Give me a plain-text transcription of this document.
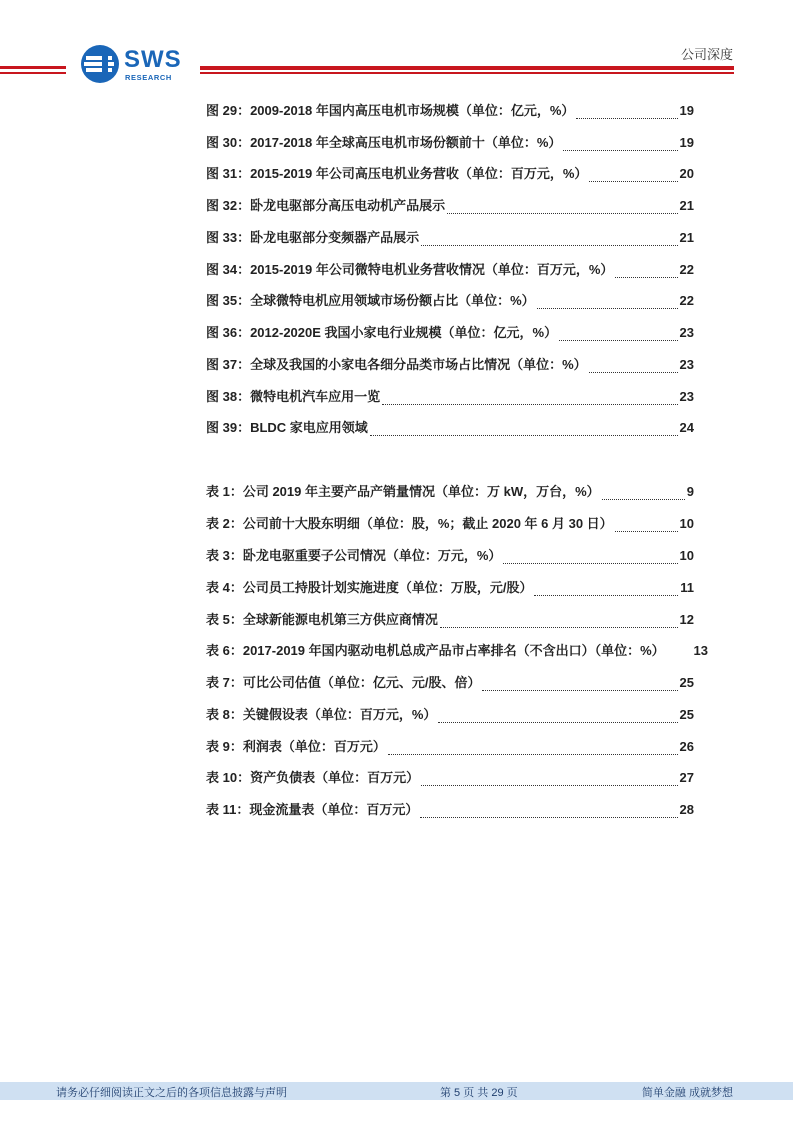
SWS
RESEARCH
公司深度
图 29：2009-2018 年国内高压电机市场规模（单位：亿元，%）	19
图 30：2017-2018 年全球高压电机市场份额前十（单位：%）	19
图 31：2015-2019 年公司高压电机业务营收（单位：百万元，%）	20
图 32：卧龙电驱部分高压电动机产品展示	21
图 33：卧龙电驱部分变频器产品展示	21
图 34：2015-2019 年公司微特电机业务营收情况（单位：百万元，%）	22
图 35：全球微特电机应用领域市场份额占比（单位：%）	22
图 36：2012-2020E 我国小家电行业规模（单位：亿元，%）	23
图 37：全球及我国的小家电各细分品类市场占比情况（单位：%）	23
图 38：微特电机汽车应用一览	23
图 39：BLDC 家电应用领域	24
表 1：公司 2019 年主要产品产销量情况（单位：万 kW，万台，%）	9
表 2：公司前十大股东明细（单位：股，%；截止 2020 年 6 月 30 日）	10
表 3：卧龙电驱重要子公司情况（单位：万元，%）	10
表 4：公司员工持股计划实施进度（单位：万股，元/股）	11
表 5：全球新能源电机第三方供应商情况	12
表 6：2017-2019 年国内驱动电机总成产品市占率排名（不含出口）（单位：%）	13
表 7：可比公司估值（单位：亿元、元/股、倍）	25
表 8：关键假设表（单位：百万元，%）	25
表 9：利润表（单位：百万元）	26
表 10：资产负债表（单位：百万元）	27
表 11：现金流量表（单位：百万元）	28
请务必仔细阅读正文之后的各项信息披露与声明	第 5 页 共 29 页	简单金融 成就梦想
